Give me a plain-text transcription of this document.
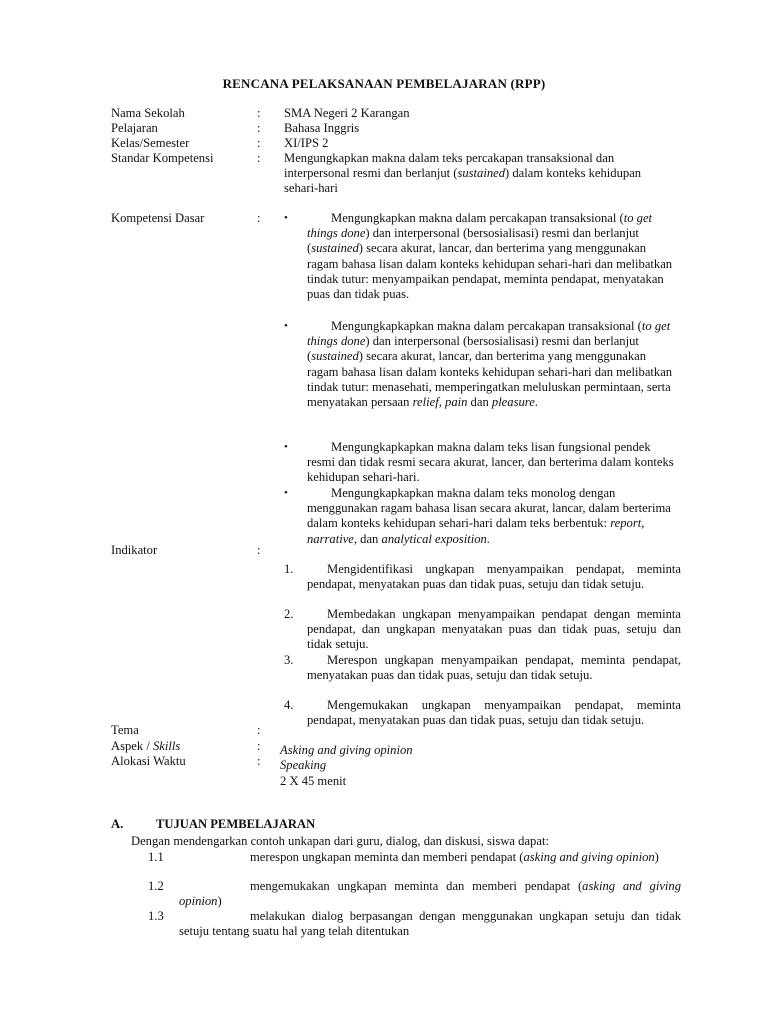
RENCANA PELAKSANAAN PEMBELAJARAN (RPP)
Nama Sekolah	: SMA Negeri 2 Karangan
Pelajaran	: Bahasa Inggris
Kelas/Semester	: XI/IPS 2
Standar Kompetensi	: Mengungkapkan makna dalam teks percakapan transaksional dan interpersonal resmi dan berlanjut (sustained) dalam konteks kehidupan sehari-hari
Kompetensi Dasar	: •	Mengungkapkan makna dalam percakapan transaksional (to get things done) dan interpersonal (bersosialisasi) resmi dan berlanjut (sustained) secara akurat, lancar, dan berterima yang menggunakan ragam bahasa lisan dalam konteks kehidupan sehari-hari dan melibatkan tindak tutur: menyampaikan pendapat, meminta pendapat, menyatakan puas dan tidak puas.
•	Mengungkapkapkan makna dalam percakapan transaksional (to get things done) dan interpersonal (bersosialisasi) resmi dan berlanjut (sustained) secara akurat, lancar, dan berterima yang menggunakan ragam bahasa lisan dalam konteks kehidupan sehari-hari dan melibatkan tindak tutur: menasehati, memperingatkan meluluskan permintaan, serta menyatakan persaan relief, pain dan pleasure.
•	Mengungkapkapkan makna dalam teks lisan fungsional pendek resmi dan tidak resmi secara akurat, lancer, dan berterima dalam konteks kehidupan sehari-hari.
•	Mengungkapkapkan makna dalam teks monolog dengan menggunakan ragam bahasa lisan secara akurat, lancar, dalam berterima dalam konteks kehidupan sehari-hari dalam teks berbentuk: report, narrative, dan analytical exposition.
Indikator	:
1.	Mengidentifikasi ungkapan menyampaikan pendapat, meminta pendapat, menyatakan puas dan tidak puas, setuju dan tidak setuju.
2.	Membedakan ungkapan menyampaikan pendapat dengan meminta pendapat, dan ungkapan menyatakan puas dan tidak puas, setuju dan tidak setuju.
3.	Merespon ungkapan menyampaikan pendapat, meminta pendapat, menyatakan puas dan tidak puas, setuju dan tidak setuju.
4.	Mengemukakan ungkapan menyampaikan pendapat, meminta pendapat, menyatakan puas dan tidak puas, setuju dan tidak setuju.
Tema	:
Asking and giving opinion
Aspek / Skills	:
Speaking
Alokasi Waktu	:
2 X 45 menit
A.	TUJUAN PEMBELAJARAN
Dengan mendengarkan contoh unkapan dari guru, dialog, dan diskusi, siswa dapat:
1.1	merespon ungkapan meminta dan memberi pendapat (asking and giving opinion)
1.2	mengemukakan ungkapan meminta dan memberi pendapat (asking and giving opinion)
1.3	melakukan dialog berpasangan dengan menggunakan ungkapan setuju dan tidak setuju tentang suatu hal yang telah ditentukan
